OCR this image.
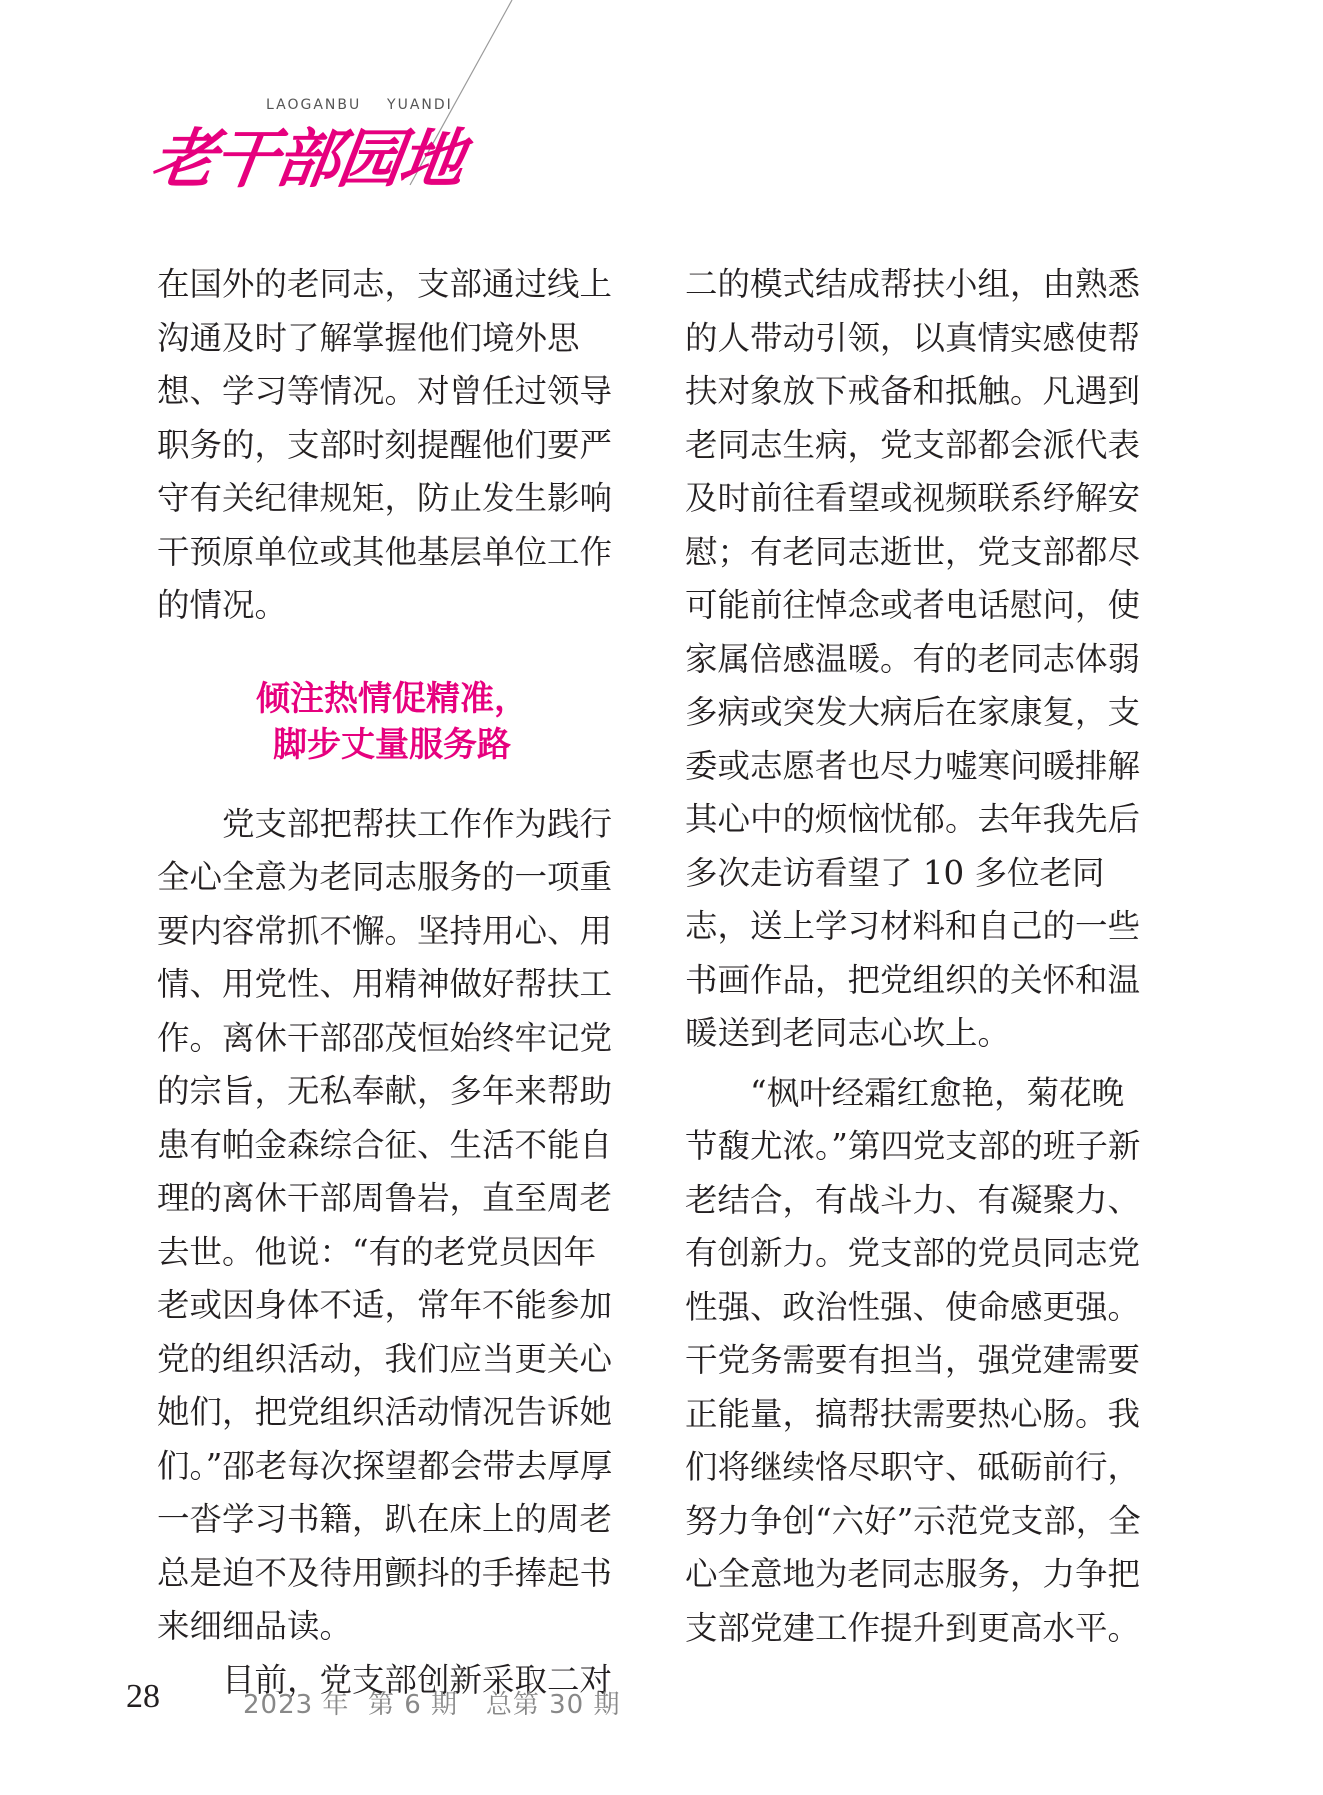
LAOGANBU    YUANDI
老干部园地

在国外的老同志，支部通过线上沟通及时了解掌握他们境外思想、学习等情况。对曾任过领导职务的，支部时刻提醒他们要严守有关纪律规矩，防止发生影响干预原单位或其他基层单位工作的情况。

倾注热情促精准，
脚步丈量服务路

党支部把帮扶工作作为践行全心全意为老同志服务的一项重要内容常抓不懈。坚持用心、用情、用党性、用精神做好帮扶工作。离休干部邵茂恒始终牢记党的宗旨，无私奉献，多年来帮助患有帕金森综合征、生活不能自理的离休干部周鲁岩，直至周老去世。他说：“有的老党员因年老或因身体不适，常年不能参加党的组织活动，我们应当更关心她们，把党组织活动情况告诉她们。”邵老每次探望都会带去厚厚一沓学习书籍，趴在床上的周老总是迫不及待用颤抖的手捧起书来细细品读。

目前，党支部创新采取二对

二的模式结成帮扶小组，由熟悉的人带动引领，以真情实感使帮扶对象放下戒备和抵触。凡遇到老同志生病，党支部都会派代表及时前往看望或视频联系纾解安慰；有老同志逝世，党支部都尽可能前往悼念或者电话慰问，使家属倍感温暖。有的老同志体弱多病或突发大病后在家康复，支委或志愿者也尽力嘘寒问暖排解其心中的烦恼忧郁。去年我先后多次走访看望了 10 多位老同志，送上学习材料和自己的一些书画作品，把党组织的关怀和温暖送到老同志心坎上。

“枫叶经霜红愈艳，菊花晚节馥尤浓。”第四党支部的班子新老结合，有战斗力、有凝聚力、有创新力。党支部的党员同志党性强、政治性强、使命感更强。干党务需要有担当，强党建需要正能量，搞帮扶需要热心肠。我们将继续恪尽职守、砥砺前行，努力争创“六好”示范党支部，全心全意地为老同志服务，力争把支部党建工作提升到更高水平。

28	2023 年  第 6 期   总第 30 期
